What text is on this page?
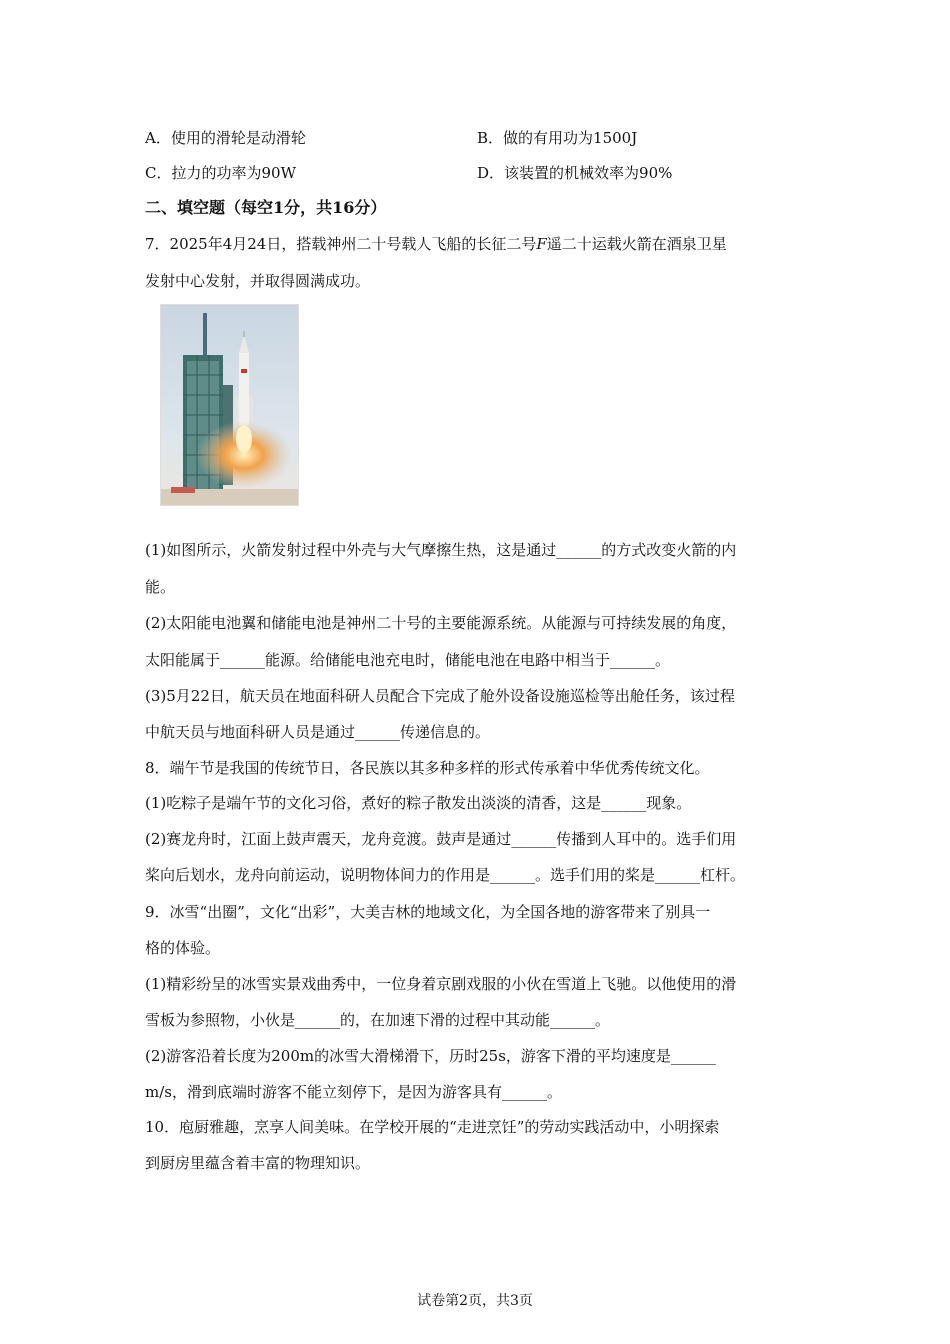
A．使用的滑轮是动滑轮	B．做的有用功为1500J
C．拉力的功率为90W	D．该装置的机械效率为90%
二、填空题（每空1分，共16分）
7．2025年4月24日，搭载神州二十号载人飞船的长征二号F遥二十运载火箭在酒泉卫星
发射中心发射，并取得圆满成功。
(1)如图所示，火箭发射过程中外壳与大气摩擦生热，这是通过______的方式改变火箭的内
能。
(2)太阳能电池翼和储能电池是神州二十号的主要能源系统。从能源与可持续发展的角度，
太阳能属于______能源。给储能电池充电时，储能电池在电路中相当于______。
(3)5月22日，航天员在地面科研人员配合下完成了舱外设备设施巡检等出舱任务，该过程
中航天员与地面科研人员是通过______传递信息的。
8．端午节是我国的传统节日，各民族以其多种多样的形式传承着中华优秀传统文化。
(1)吃粽子是端午节的文化习俗，煮好的粽子散发出淡淡的清香，这是______现象。
(2)赛龙舟时，江面上鼓声震天，龙舟竞渡。鼓声是通过______传播到人耳中的。选手们用
桨向后划水，龙舟向前运动，说明物体间力的作用是______。选手们用的桨是______杠杆。
9．冰雪“出圈”，文化“出彩”，大美吉林的地域文化，为全国各地的游客带来了别具一
格的体验。
(1)精彩纷呈的冰雪实景戏曲秀中，一位身着京剧戏服的小伙在雪道上飞驰。以他使用的滑
雪板为参照物，小伙是______的，在加速下滑的过程中其动能______。
(2)游客沿着长度为200m的冰雪大滑梯滑下，历时25s，游客下滑的平均速度是______
m/s，滑到底端时游客不能立刻停下，是因为游客具有______。
10．庖厨雅趣，烹享人间美味。在学校开展的“走进烹饪”的劳动实践活动中，小明探索
到厨房里蕴含着丰富的物理知识。
试卷第2页，共3页
